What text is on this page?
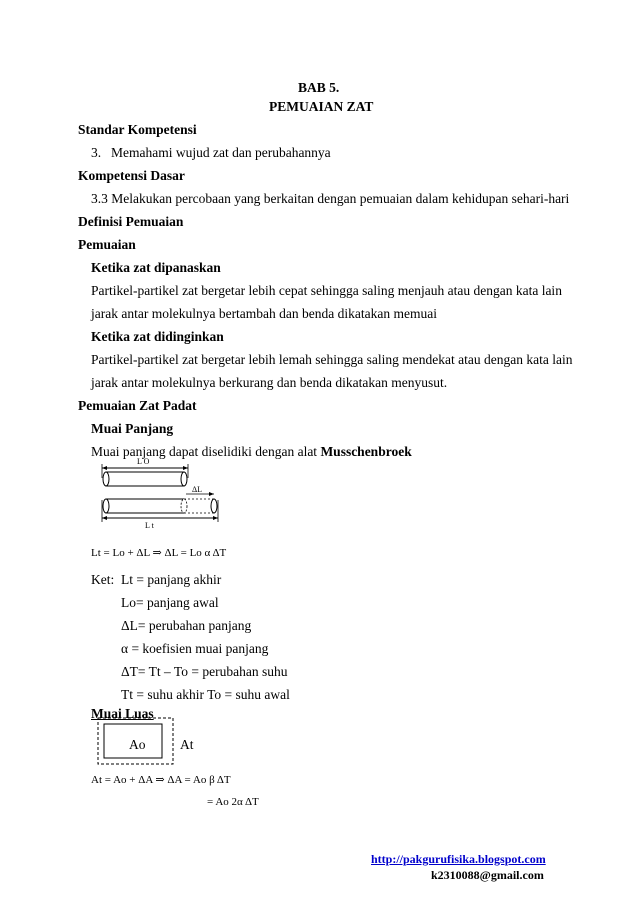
BAB 5.
PEMUAIAN ZAT
Standar Kompetensi
3. Memahami wujud zat dan perubahannya
Kompetensi Dasar
3.3 Melakukan percobaan yang berkaitan dengan pemuaian dalam kehidupan sehari-hari
Definisi Pemuaian
Pemuaian
Ketika zat dipanaskan
Partikel-partikel zat bergetar lebih cepat sehingga saling menjauh atau dengan kata lain
jarak antar molekulnya bertambah dan benda dikatakan memuai
Ketika zat didinginkan
Partikel-partikel zat bergetar lebih lemah sehingga saling mendekat atau dengan kata lain
jarak antar molekulnya berkurang dan benda dikatakan menyusut.
Pemuaian Zat Padat
Muai Panjang
Muai panjang dapat diselidiki dengan alat Musschenbroek
L O
ΔL
L t
Lt = Lo + ΔL ⇒ ΔL = Lo α ΔT
Ket: Lt = panjang akhir
Lo= panjang awal
ΔL= perubahan panjang
α = koefisien muai panjang
ΔT= Tt – To = perubahan suhu
Tt = suhu akhir To = suhu awal
Muai Luas
Ao	At
At = Ao + ΔA ⇒ ΔA = Ao β ΔT
= Ao 2α ΔT
http://pakgurufisika.blogspot.com
k2310088@gmail.com
